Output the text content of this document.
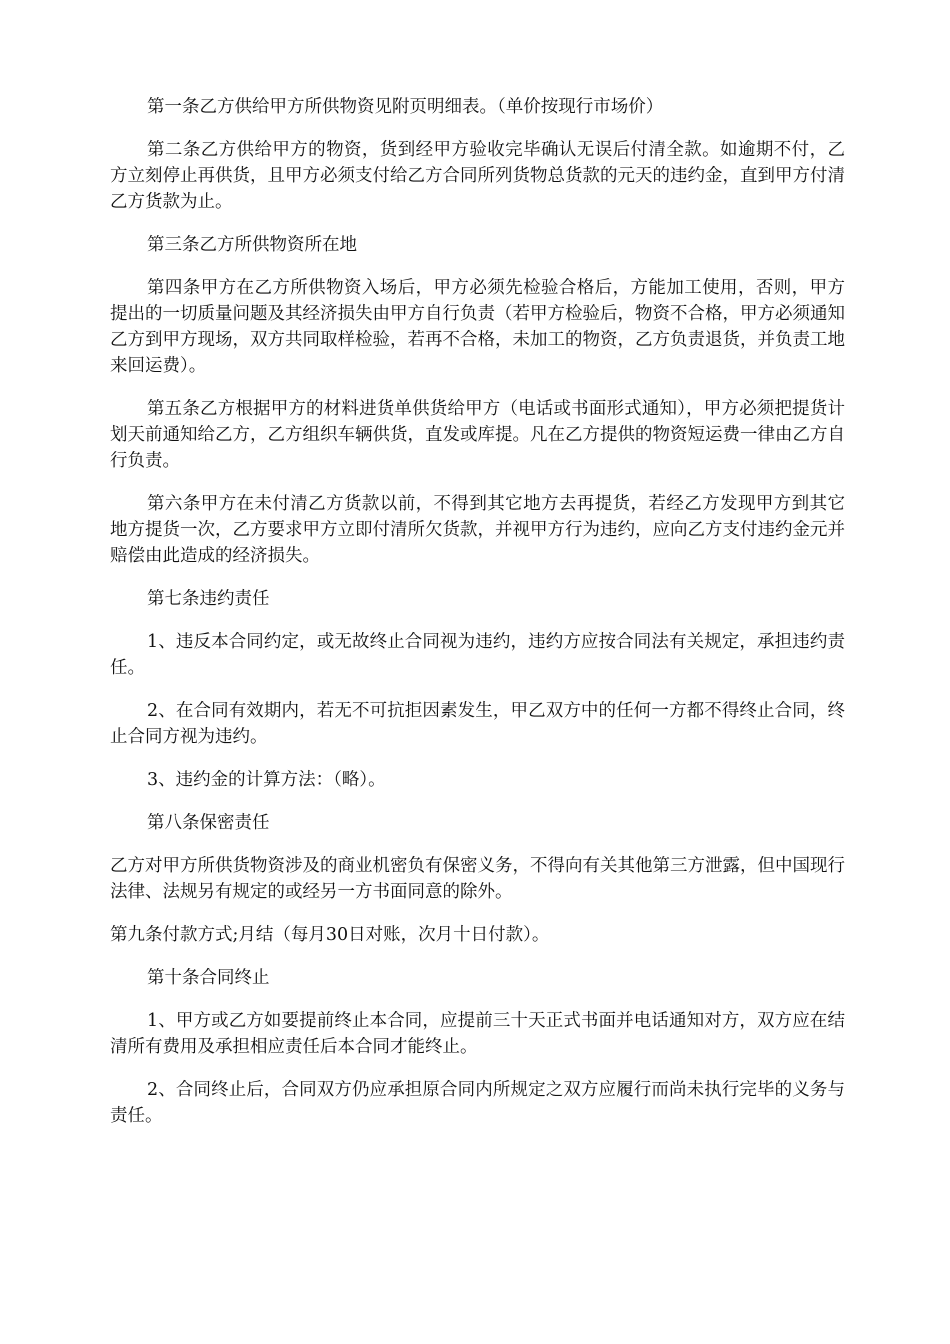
第一条乙方供给甲方所供物资见附页明细表。（单价按现行市场价）

第二条乙方供给甲方的物资，货到经甲方验收完毕确认无误后付清全款。如逾期不付，乙方立刻停止再供货，且甲方必须支付给乙方合同所列货物总货款的元天的违约金，直到甲方付清乙方货款为止。

第三条乙方所供物资所在地

第四条甲方在乙方所供物资入场后，甲方必须先检验合格后，方能加工使用，否则，甲方提出的一切质量问题及其经济损失由甲方自行负责（若甲方检验后，物资不合格，甲方必须通知乙方到甲方现场，双方共同取样检验，若再不合格，未加工的物资，乙方负责退货，并负责工地来回运费）。

第五条乙方根据甲方的材料进货单供货给甲方（电话或书面形式通知），甲方必须把提货计划天前通知给乙方，乙方组织车辆供货，直发或库提。凡在乙方提供的物资短运费一律由乙方自行负责。

第六条甲方在未付清乙方货款以前，不得到其它地方去再提货，若经乙方发现甲方到其它地方提货一次，乙方要求甲方立即付清所欠货款，并视甲方行为违约，应向乙方支付违约金元并赔偿由此造成的经济损失。

第七条违约责任

1、违反本合同约定，或无故终止合同视为违约，违约方应按合同法有关规定，承担违约责任。

2、在合同有效期内，若无不可抗拒因素发生，甲乙双方中的任何一方都不得终止合同，终止合同方视为违约。

3、违约金的计算方法：（略）。

第八条保密责任

乙方对甲方所供货物资涉及的商业机密负有保密义务，不得向有关其他第三方泄露，但中国现行法律、法规另有规定的或经另一方书面同意的除外。

第九条付款方式;月结（每月30日对账，次月十日付款）。

第十条合同终止

1、甲方或乙方如要提前终止本合同，应提前三十天正式书面并电话通知对方，双方应在结清所有费用及承担相应责任后本合同才能终止。

2、合同终止后，合同双方仍应承担原合同内所规定之双方应履行而尚未执行完毕的义务与责任。
